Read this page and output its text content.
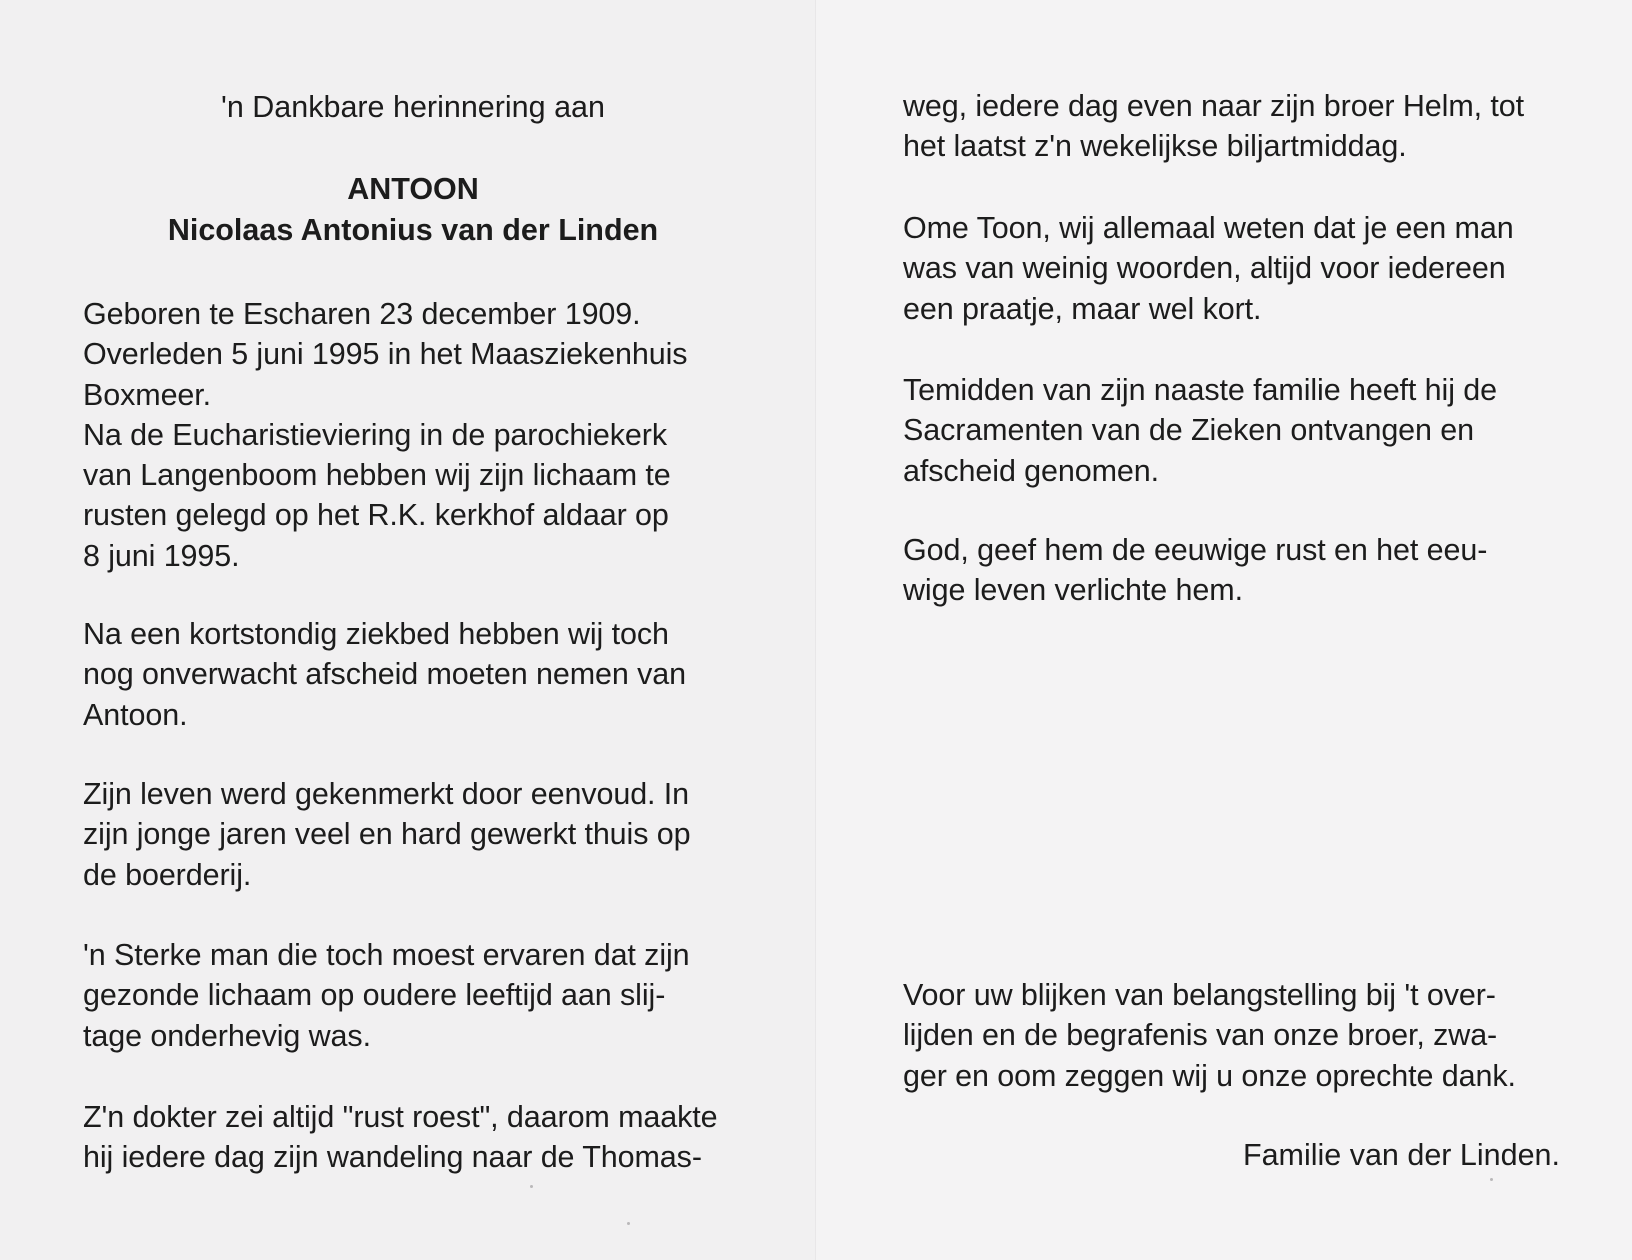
'n Dankbare herinnering aan
ANTOON
Nicolaas Antonius van der Linden

Geboren te Escharen 23 december 1909.

Overleden 5 juni 1995 in het Maasziekenhuis

Boxmeer.

Na de Eucharistieviering in de parochiekerk

van Langenboom hebben wij zijn lichaam te

rusten gelegd op het R.K. kerkhof aldaar op

8 juni 1995.

Na een kortstondig ziekbed hebben wij toch

nog onverwacht afscheid moeten nemen van

Antoon.

Zijn leven werd gekenmerkt door eenvoud. In

zijn jonge jaren veel en hard gewerkt thuis op

de boerderij.

'n Sterke man die toch moest ervaren dat zijn

gezonde lichaam op oudere leeftijd aan slij-

tage onderhevig was.

Z'n dokter zei altijd "rust roest", daarom maakte

hij iedere dag zijn wandeling naar de Thomas-

weg, iedere dag even naar zijn broer Helm, tot

het laatst z'n wekelijkse biljartmiddag.

Ome Toon, wij allemaal weten dat je een man

was van weinig woorden, altijd voor iedereen

een praatje, maar wel kort.

Temidden van zijn naaste familie heeft hij de

Sacramenten van de Zieken ontvangen en

afscheid genomen.

God, geef hem de eeuwige rust en het eeu-

wige leven verlichte hem.

Voor uw blijken van belangstelling bij 't over-

lijden en de begrafenis van onze broer, zwa-

ger en oom zeggen wij u onze oprechte dank.

Familie van der Linden.
